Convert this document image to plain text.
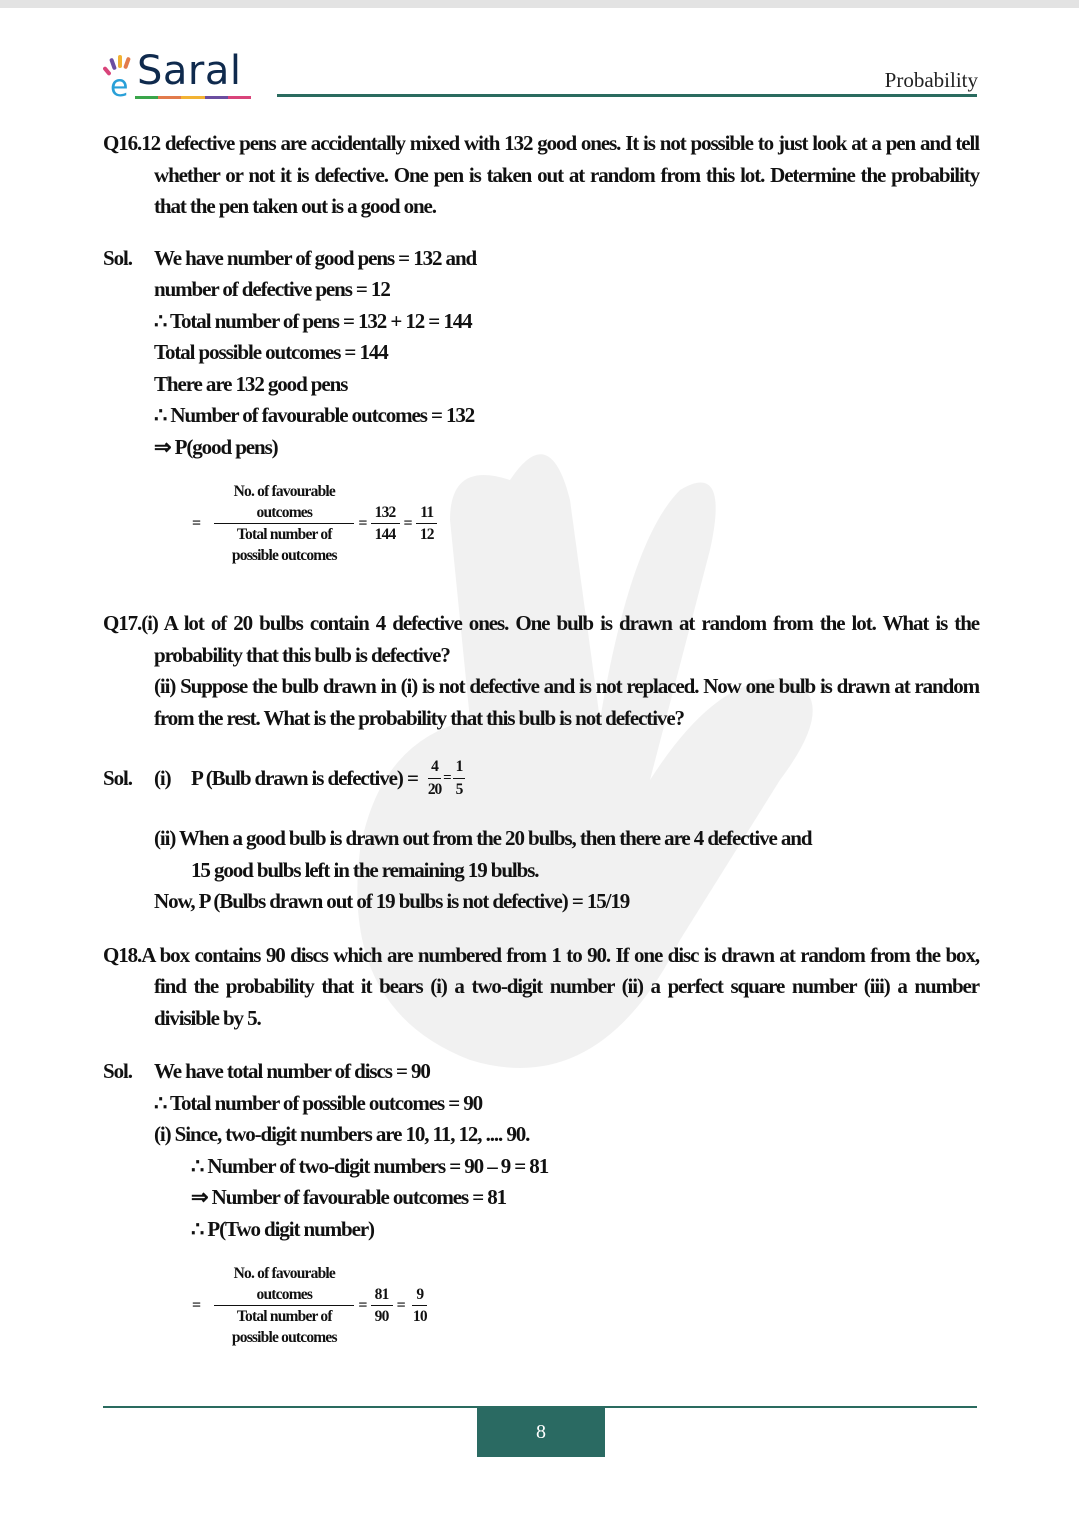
e Saral	Probability

Q16.12 defective pens are accidentally mixed with 132 good ones. It is not possible to just look at a pen and tell whether or not it is defective. One pen is taken out at random from this lot. Determine the probability that the pen taken out is a good one.

Sol. We have number of good pens = 132 and
number of defective pens = 12
∴ Total number of pens = 132 + 12 = 144
Total possible outcomes = 144
There are 132 good pens
∴ Number of favourable outcomes = 132
⇒ P(good pens)
= $\frac{\text{No. of favourable outcomes}}{\text{Total number of possible outcomes}} = \frac{132}{144} = \frac{11}{12}$
Q17.(i) A lot of 20 bulbs contain 4 defective ones. One bulb is drawn at random from the lot. What is the probability that this bulb is defective?
(ii) Suppose the bulb drawn in (i) is not defective and is not replaced. Now one bulb is drawn at random from the rest. What is the probability that this bulb is not defective?
Sol.	(i) P (Bulb drawn is defective) = $\frac{4}{20} = \frac{1}{5}$
(ii) When a good bulb is drawn out from the 20 bulbs, then there are 4 defective and
15 good bulbs left in the remaining 19 bulbs.
Now, P (Bulbs drawn out of 19 bulbs is not defective) = 15/19

Q18.A box contains 90 discs which are numbered from 1 to 90. If one disc is drawn at random from the box, find the probability that it bears (i) a two-digit number (ii) a perfect square number (iii) a number divisible by 5.

Sol. We have total number of discs = 90
∴ Total number of possible outcomes = 90
(i) Since, two-digit numbers are 10, 11, 12, .... 90.
∴ Number of two-digit numbers = 90 – 9 = 81
⇒ Number of favourable outcomes = 81
∴ P(Two digit number)
= $\frac{\text{No. of favourable outcomes}}{\text{Total number of possible outcomes}} = \frac{81}{90} = \frac{9}{10}$
8
